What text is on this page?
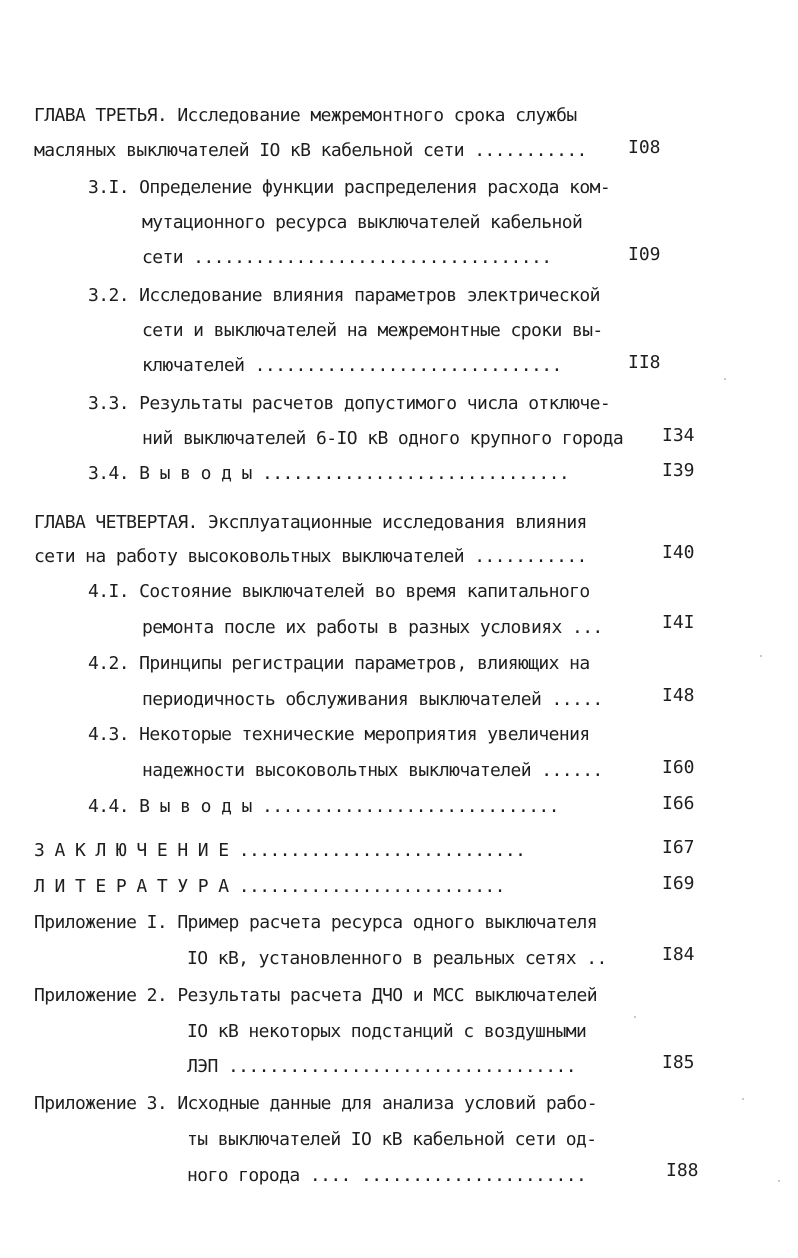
ГЛАВА ТРЕТЬЯ. Исследование межремонтного срока службы
масляных выключателей IO кВ кабельной сети ........... I08
3.I. Определение функции распределения расхода ком-
мутационного ресурса выключателей кабельной
сети ...................................	I09
3.2. Исследование влияния параметров электрической
сети и выключателей на межремонтные сроки вы-
ключателей ..............................	II8
3.3. Результаты расчетов допустимого числа отключе-
ний выключателей 6-IO кВ одного крупного города I34
3.4. В ы в о д ы ..............................	I39
ГЛАВА ЧЕТВЕРТАЯ. Эксплуатационные исследования влияния
сети на работу высоковольтных выключателей ...........	I40
4.I. Состояние выключателей во время капитального
ремонта после их работы в разных условиях ...	I4I
4.2. Принципы регистрации параметров, влияющих на
периодичность обслуживания выключателей .....	I48
4.3. Некоторые технические мероприятия увеличения
надежности высоковольтных выключателей ......	I60
4.4. В ы в о д ы .............................	I66
З А К Л Ю Ч Е Н И Е ............................	I67
Л И Т Е Р А Т У Р А ..........................	I69
Приложение I. Пример расчета ресурса одного выключателя
IO кВ, установленного в реальных сетях ..	I84
Приложение 2. Результаты расчета ДЧО и МСС выключателей
IO кВ некоторых подстанций с воздушными
ЛЭП ..................................	I85
Приложение 3. Исходные данные для анализа условий рабо-
ты выключателей IO кВ кабельной сети од-
ного города .... ......................	I88
